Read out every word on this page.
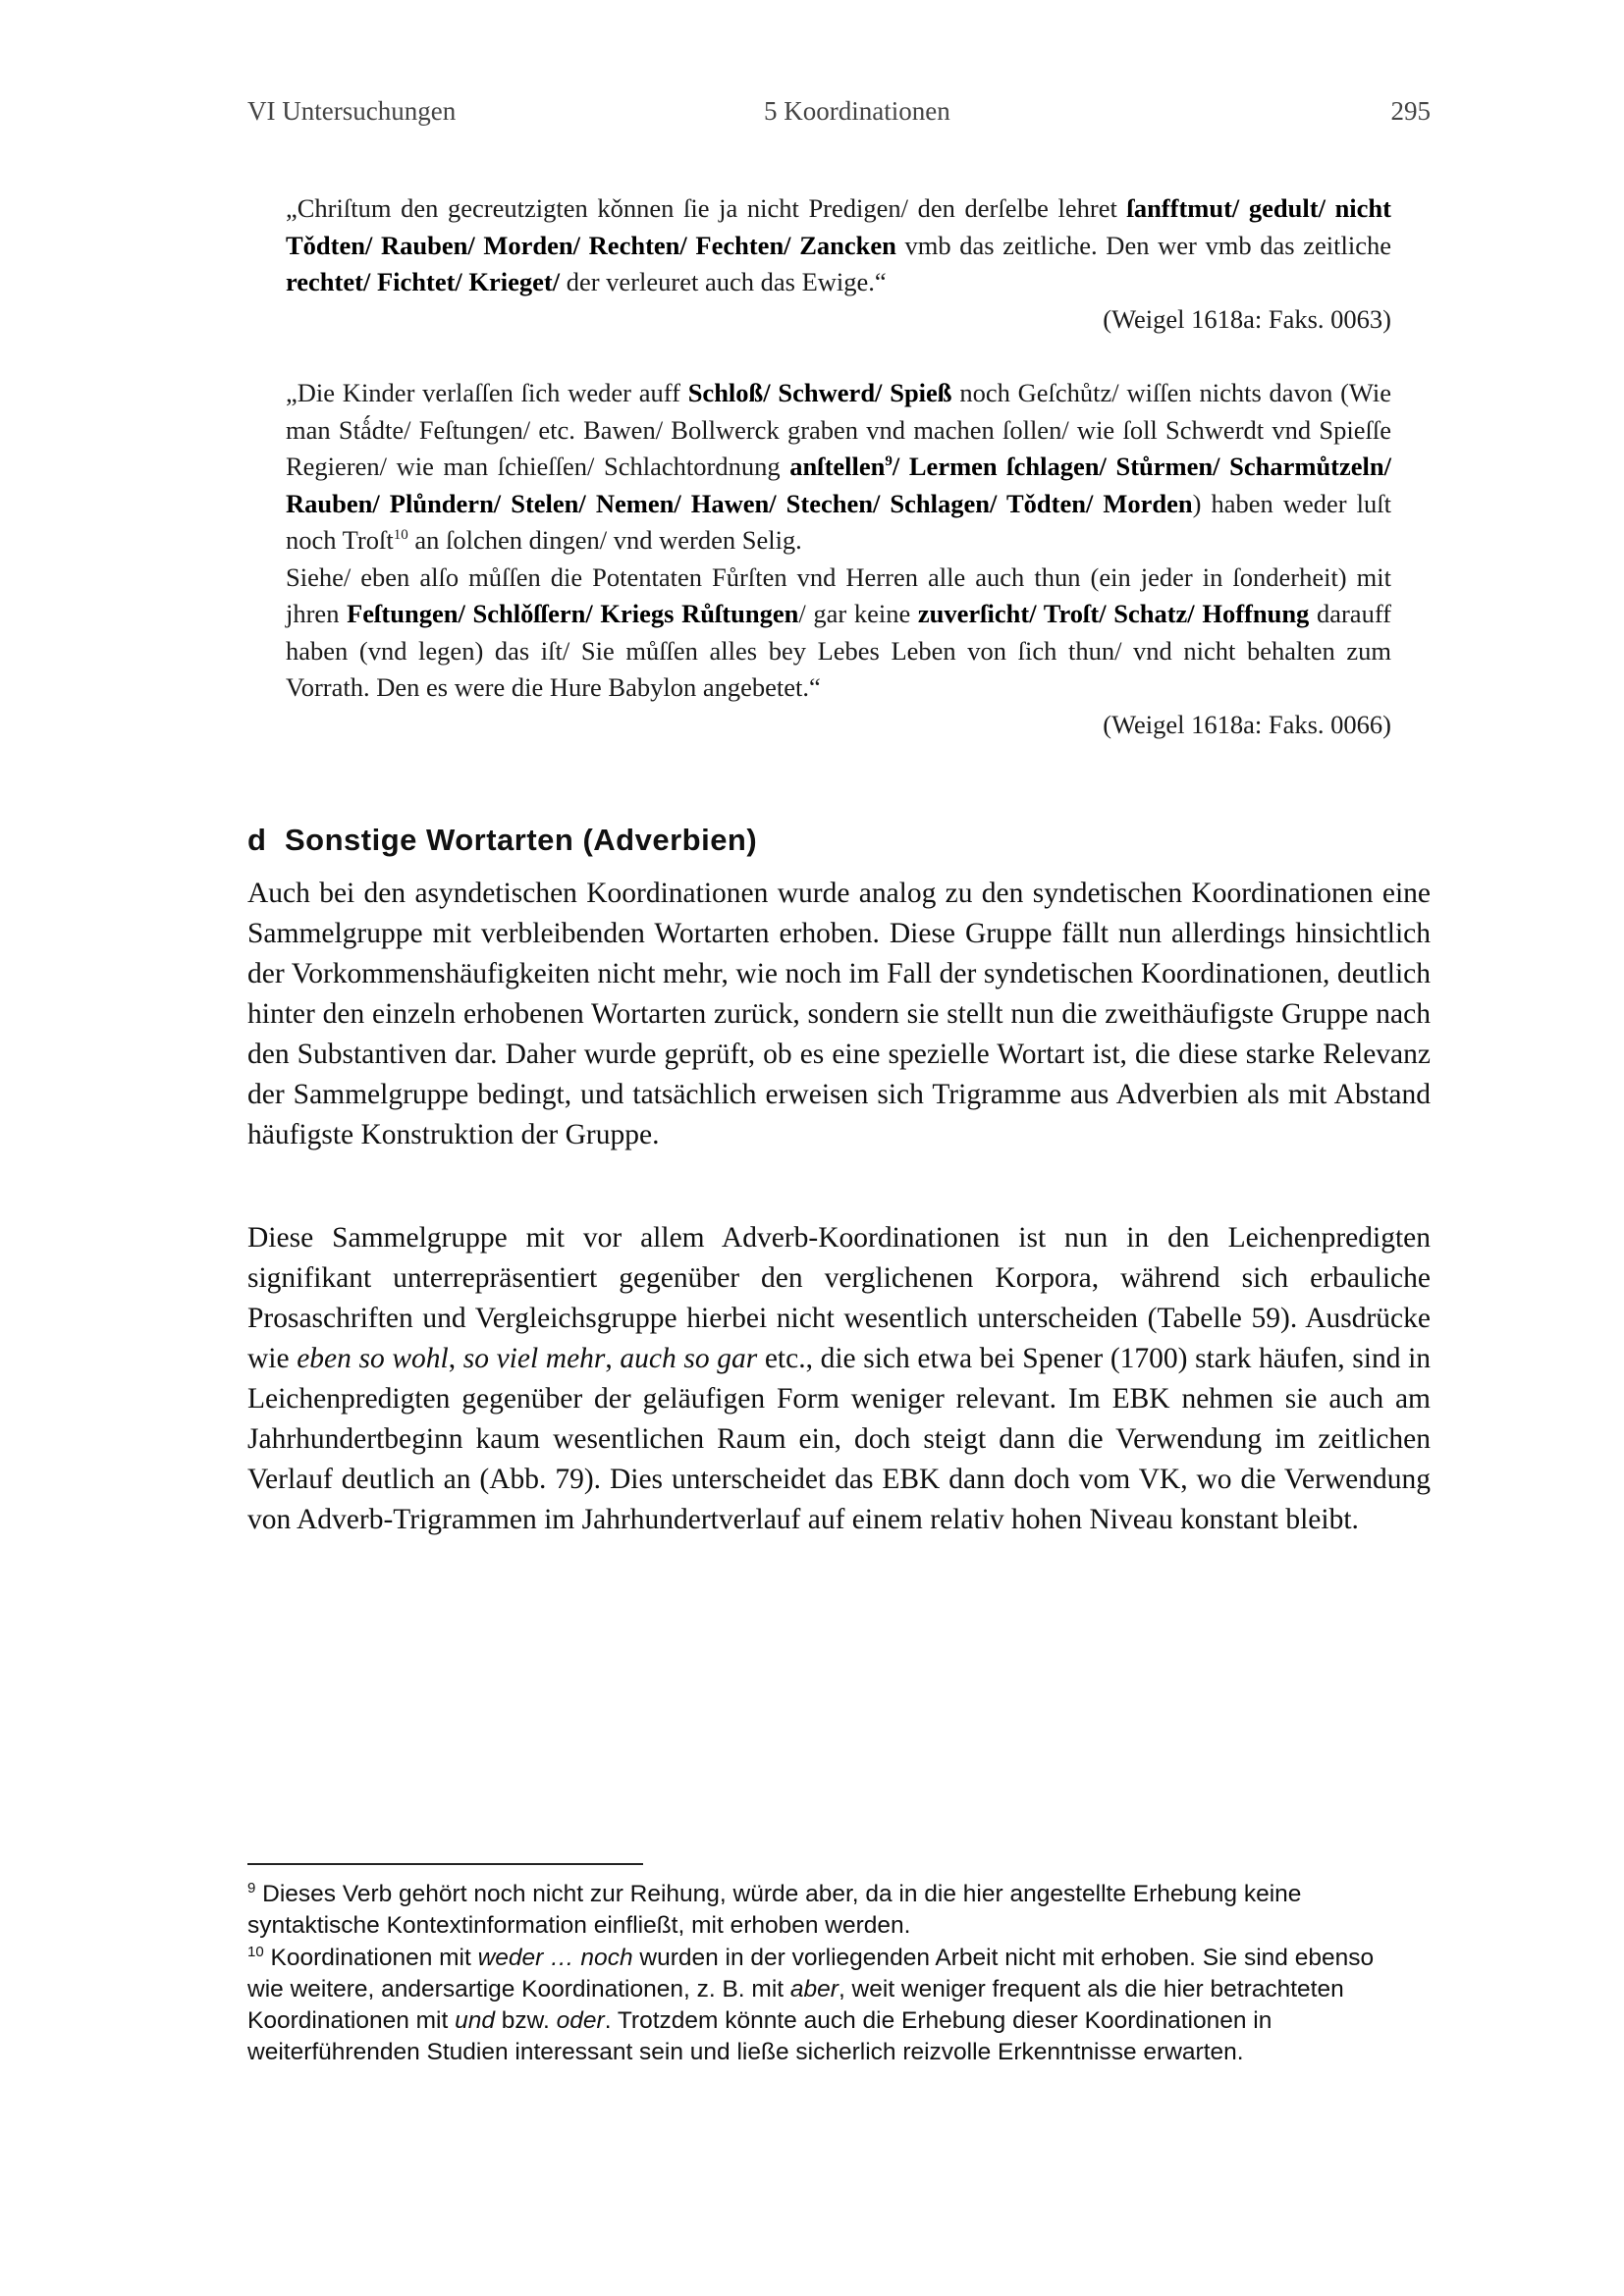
VI Untersuchungen	5 Koordinationen	295

„Chriſtum den gecreutzigten kǒnnen ſie ja nicht Predigen/ den derſelbe lehret ſanfftmut/ gedult/ nicht Tǒdten/ Rauben/ Morden/ Rechten/ Fechten/ Zancken vmb das zeitliche. Den wer vmb das zeitliche rechtet/ Fichtet/ Krieget/ der verleuret auch das Ewige.“

(Weigel 1618a: Faks. 0063)

„Die Kinder verlaſſen ſich weder auff Schloß/ Schwerd/ Spieß noch Geſchůtz/ wiſſen nichts davon (Wie man Stǻdte/ Feſtungen/ etc. Bawen/ Bollwerck graben vnd machen ſollen/ wie ſoll Schwerdt vnd Spieſſe Regieren/ wie man ſchieſſen/ Schlachtordnung anſtellen$^9$/ Lermen ſchlagen/ Stůrmen/ Scharmůtzeln/ Rauben/ Plůndern/ Stelen/ Nemen/ Hawen/ Stechen/ Schlagen/ Tǒdten/ Morden) haben weder luſt noch Troſt$^{10}$ an ſolchen dingen/ vnd werden Selig.

Siehe/ eben alſo můſſen die Potentaten Fůrſten vnd Herren alle auch thun (ein jeder in ſonderheit) mit jhren Feſtungen/ Schlǒſſern/ Kriegs Růſtungen/ gar keine zuverſicht/ Troſt/ Schatz/ Hoffnung darauff haben (vnd legen) das iſt/ Sie můſſen alles bey Lebes Leben von ſich thun/ vnd nicht behalten zum Vorrath. Den es were die Hure Babylon angebetet.“

(Weigel 1618a: Faks. 0066)
d Sonstige Wortarten (Adverbien)

Auch bei den asyndetischen Koordinationen wurde analog zu den syndetischen Koordinationen eine Sammelgruppe mit verbleibenden Wortarten erhoben. Diese Gruppe fällt nun allerdings hinsichtlich der Vorkommenshäufigkeiten nicht mehr, wie noch im Fall der syndetischen Koordinationen, deutlich hinter den einzeln erhobenen Wortarten zurück, sondern sie stellt nun die zweithäufigste Gruppe nach den Substantiven dar. Daher wurde geprüft, ob es eine spezielle Wortart ist, die diese starke Relevanz der Sammelgruppe bedingt, und tatsächlich erweisen sich Trigramme aus Adverbien als mit Abstand häufigste Konstruktion der Gruppe.

Diese Sammelgruppe mit vor allem Adverb-Koordinationen ist nun in den Leichenpredigten signifikant unterrepräsentiert gegenüber den verglichenen Korpora, während sich erbauliche Prosaschriften und Vergleichsgruppe hierbei nicht wesentlich unterscheiden (Tabelle 59). Ausdrücke wie eben so wohl, so viel mehr, auch so gar etc., die sich etwa bei Spener (1700) stark häufen, sind in Leichenpredigten gegenüber der geläufigen Form weniger relevant. Im EBK nehmen sie auch am Jahrhundertbeginn kaum wesentlichen Raum ein, doch steigt dann die Verwendung im zeitlichen Verlauf deutlich an (Abb. 79). Dies unterscheidet das EBK dann doch vom VK, wo die Verwendung von Adverb-Trigrammen im Jahrhundertverlauf auf einem relativ hohen Niveau konstant bleibt.

$^9$ Dieses Verb gehört noch nicht zur Reihung, würde aber, da in die hier angestellte Erhebung keine syntaktische Kontextinformation einfließt, mit erhoben werden.

$^{10}$ Koordinationen mit weder … noch wurden in der vorliegenden Arbeit nicht mit erhoben. Sie sind ebenso wie weitere, andersartige Koordinationen, z. B. mit aber, weit weniger frequent als die hier betrachteten Koordinationen mit und bzw. oder. Trotzdem könnte auch die Erhebung dieser Koordinationen in weiterführenden Studien interessant sein und ließe sicherlich reizvolle Erkenntnisse erwarten.
